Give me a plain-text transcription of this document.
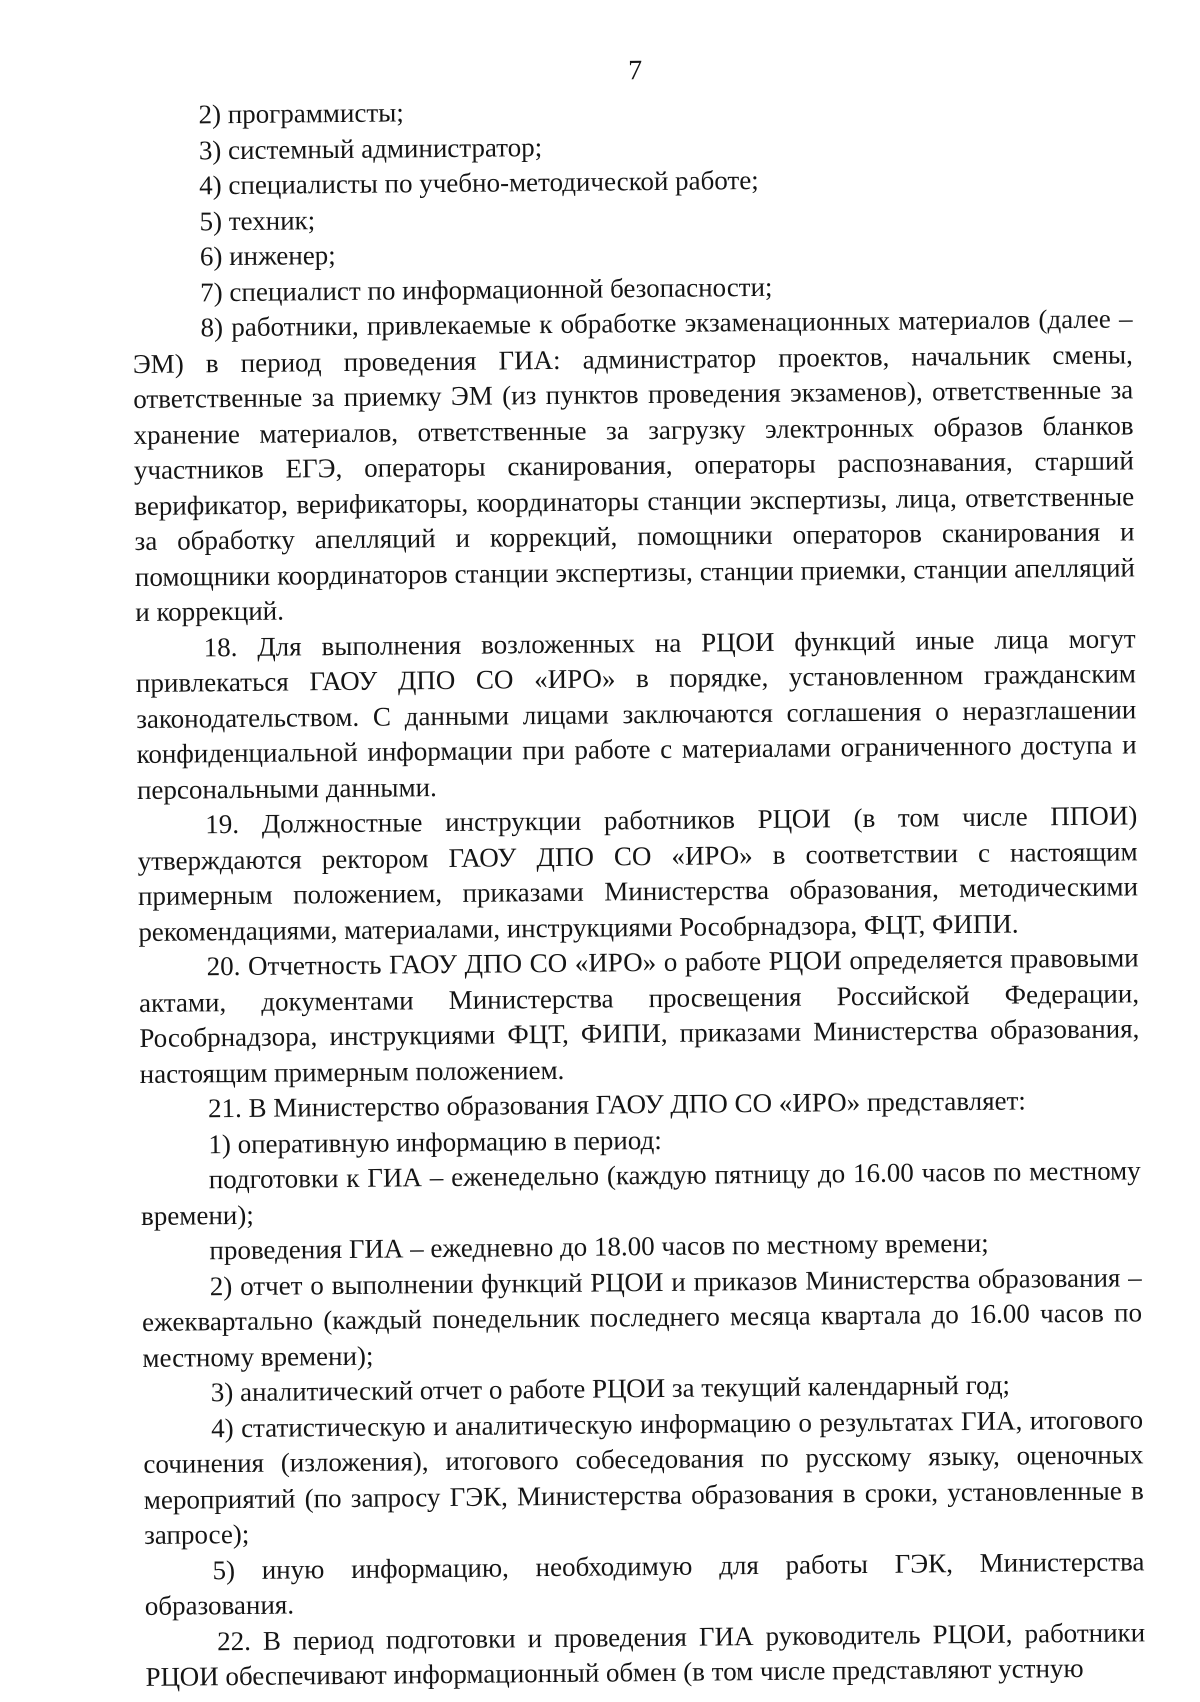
7

2) программисты;

3) системный администратор;

4) специалисты по учебно-методической работе;

5) техник;

6) инженер;

7) специалист по информационной безопасности;

8) работники, привлекаемые к обработке экзаменационных материалов (далее – ЭМ) в период проведения ГИА: администратор проектов, начальник смены, ответственные за приемку ЭМ (из пунктов проведения экзаменов), ответственные за хранение материалов, ответственные за загрузку электронных образов бланков участников ЕГЭ, операторы сканирования, операторы распознавания, старший верификатор, верификаторы, координаторы станции экспертизы, лица, ответственные за обработку апелляций и коррекций, помощники операторов сканирования и помощники координаторов станции экспертизы, станции приемки, станции апелляций и коррекций.

18. Для выполнения возложенных на РЦОИ функций иные лица могут привлекаться ГАОУ ДПО СО «ИРО» в порядке, установленном гражданским законодательством. С данными лицами заключаются соглашения о неразглашении конфиденциальной информации при работе с материалами ограниченного доступа и персональными данными.

19. Должностные инструкции работников РЦОИ (в том числе ППОИ) утверждаются ректором ГАОУ ДПО СО «ИРО» в соответствии с настоящим примерным положением, приказами Министерства образования, методическими рекомендациями, материалами, инструкциями Рособрнадзора, ФЦТ, ФИПИ.

20. Отчетность ГАОУ ДПО СО «ИРО» о работе РЦОИ определяется правовыми актами, документами Министерства просвещения Российской Федерации, Рособрнадзора, инструкциями ФЦТ, ФИПИ, приказами Министерства образования, настоящим примерным положением.

21. В Министерство образования ГАОУ ДПО СО «ИРО» представляет:

1) оперативную информацию в период:

подготовки к ГИА – еженедельно (каждую пятницу до 16.00 часов по местному времени);

проведения ГИА – ежедневно до 18.00 часов по местному времени;

2) отчет о выполнении функций РЦОИ и приказов Министерства образования – ежеквартально (каждый понедельник последнего месяца квартала до 16.00 часов по местному времени);

3) аналитический отчет о работе РЦОИ за текущий календарный год;

4) статистическую и аналитическую информацию о результатах ГИА, итогового сочинения (изложения), итогового собеседования по русскому языку, оценочных мероприятий (по запросу ГЭК, Министерства образования в сроки, установленные в запросе);

5) иную информацию, необходимую для работы ГЭК, Министерства образования.

22. В период подготовки и проведения ГИА руководитель РЦОИ, работники РЦОИ обеспечивают информационный обмен (в том числе представляют устную
